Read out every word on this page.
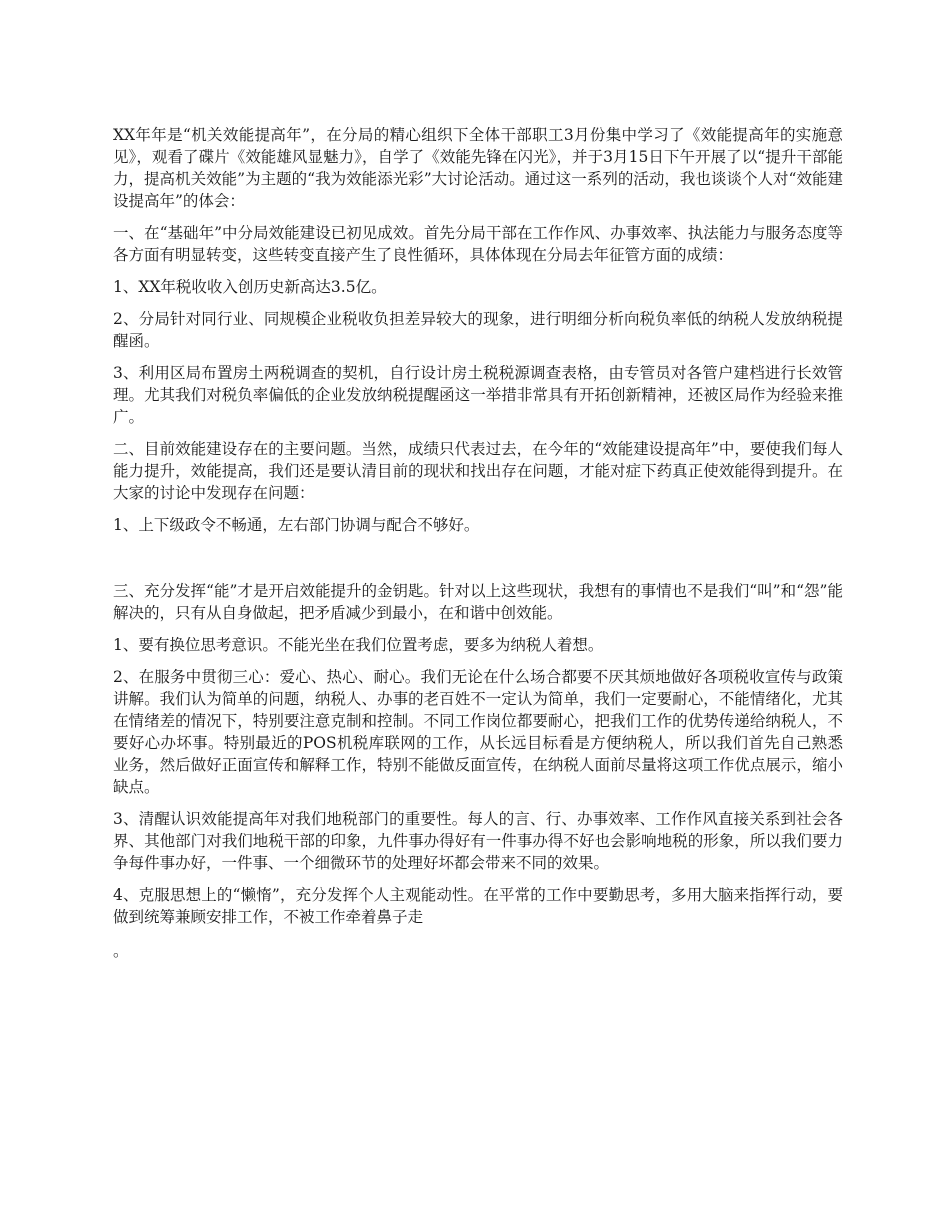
XX年年是“机关效能提高年”，在分局的精心组织下全体干部职工3月份集中学习了《效能提高年的实施意见》，观看了碟片《效能雄风显魅力》，自学了《效能先锋在闪光》，并于3月15日下午开展了以“提升干部能力，提高机关效能”为主题的“我为效能添光彩”大讨论活动。通过这一系列的活动，我也谈谈个人对“效能建设提高年”的体会：

一、在“基础年”中分局效能建设已初见成效。首先分局干部在工作作风、办事效率、执法能力与服务态度等各方面有明显转变，这些转变直接产生了良性循环，具体体现在分局去年征管方面的成绩：

1、XX年税收收入创历史新高达3.5亿。

2、分局针对同行业、同规模企业税收负担差异较大的现象，进行明细分析向税负率低的纳税人发放纳税提醒函。

3、利用区局布置房土两税调查的契机，自行设计房土税税源调查表格，由专管员对各管户建档进行长效管理。尤其我们对税负率偏低的企业发放纳税提醒函这一举措非常具有开拓创新精神，还被区局作为经验来推广。

二、目前效能建设存在的主要问题。当然，成绩只代表过去，在今年的“效能建设提高年”中，要使我们每人能力提升，效能提高，我们还是要认清目前的现状和找出存在问题，才能对症下药真正使效能得到提升。在大家的讨论中发现存在问题：

1、上下级政令不畅通，左右部门协调与配合不够好。

三、充分发挥“能”才是开启效能提升的金钥匙。针对以上这些现状，我想有的事情也不是我们“叫”和“怨”能解决的，只有从自身做起，把矛盾减少到最小，在和谐中创效能。

1、要有换位思考意识。不能光坐在我们位置考虑，要多为纳税人着想。

2、在服务中贯彻三心：爱心、热心、耐心。我们无论在什么场合都要不厌其烦地做好各项税收宣传与政策讲解。我们认为简单的问题，纳税人、办事的老百姓不一定认为简单，我们一定要耐心，不能情绪化，尤其在情绪差的情况下，特别要注意克制和控制。不同工作岗位都要耐心，把我们工作的优势传递给纳税人，不要好心办坏事。特别最近的POS机税库联网的工作，从长远目标看是方便纳税人，所以我们首先自己熟悉业务，然后做好正面宣传和解释工作，特别不能做反面宣传，在纳税人面前尽量将这项工作优点展示，缩小缺点。

3、清醒认识效能提高年对我们地税部门的重要性。每人的言、行、办事效率、工作作风直接关系到社会各界、其他部门对我们地税干部的印象，九件事办得好有一件事办得不好也会影响地税的形象，所以我们要力争每件事办好，一件事、一个细微环节的处理好坏都会带来不同的效果。

4、克服思想上的“懒惰”，充分发挥个人主观能动性。在平常的工作中要勤思考，多用大脑来指挥行动，要做到统筹兼顾安排工作，不被工作牵着鼻子走

。
